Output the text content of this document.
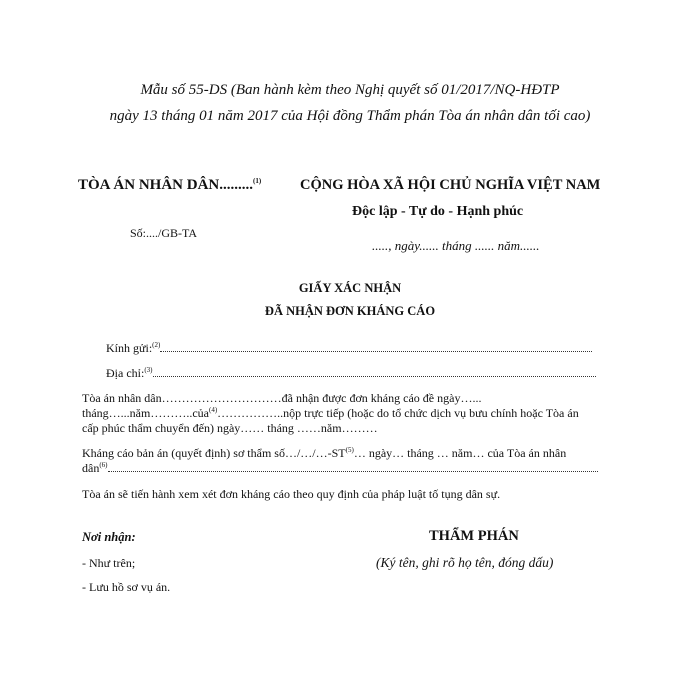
Mẫu số 55-DS (Ban hành kèm theo Nghị quyết số 01/2017/NQ-HĐTP
ngày 13 tháng 01 năm 2017 của Hội đồng Thẩm phán Tòa án nhân dân tối cao)
TÒA ÁN NHÂN DÂN.........$^{(1)}$
Số:..../GB-TA
CỘNG HÒA XÃ HỘI CHỦ NGHĨA VIỆT NAM
Độc lập - Tự do - Hạnh phúc
....., ngày...... tháng ...... năm......
GIẤY XÁC NHẬN
ĐÃ NHẬN ĐƠN KHÁNG CÁO
Kính gửi:$^{(2)}$
Địa chỉ:$^{(3)}$
Tòa án nhân dân…………………………đã nhận được đơn kháng cáo đề ngày…...
tháng…...năm………..của$^{(4)}$……………..nộp trực tiếp (hoặc do tổ chức dịch vụ bưu chính hoặc Tòa án
cấp phúc thẩm chuyển đến) ngày…… tháng ……năm………
Kháng cáo bản án (quyết định) sơ thẩm số…/…/…-ST$^{(5)}$… ngày… tháng … năm… của Tòa án nhân
dân$^{(6)}$
Tòa án sẽ tiến hành xem xét đơn kháng cáo theo quy định của pháp luật tố tụng dân sự.
Nơi nhận:
- Như trên;
- Lưu hồ sơ vụ án.
THẨM PHÁN
(Ký tên, ghi rõ họ tên, đóng dấu)
